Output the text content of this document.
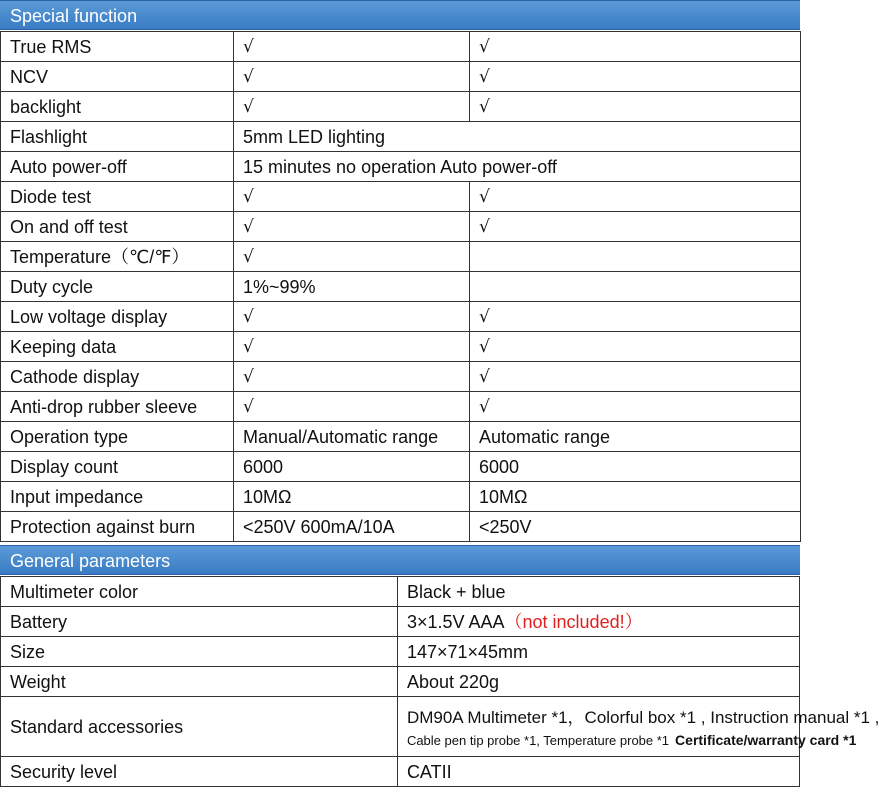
Special function
True RMS	√	√
NCV	√	√
backlight	√	√
Flashlight	5mm LED lighting	
Auto power-off	15 minutes no operation Auto power-off	
Diode test	√	√
On and off test	√	√
Temperature（℃/℉）	√	
Duty cycle	1%~99%	
Low voltage display	√	√
Keeping data	√	√
Cathode display	√	√
Anti-drop rubber sleeve	√	√
Operation type	Manual/Automatic range	Automatic range
Display count	6000	6000
Input impedance	10MΩ	10MΩ
Protection against burn	<250V 600mA/10A	<250V
General parameters
Multimeter color	Black + blue
Battery	3×1.5V AAA（not included!）
Size	147×71×45mm
Weight	About 220g
Standard accessories	DM90A Multimeter *1，Colorful box *1 , Instruction manual *1 ,
Cable pen tip probe *1, Temperature probe *1 Certificate/warranty card *1

Security level	CATII
